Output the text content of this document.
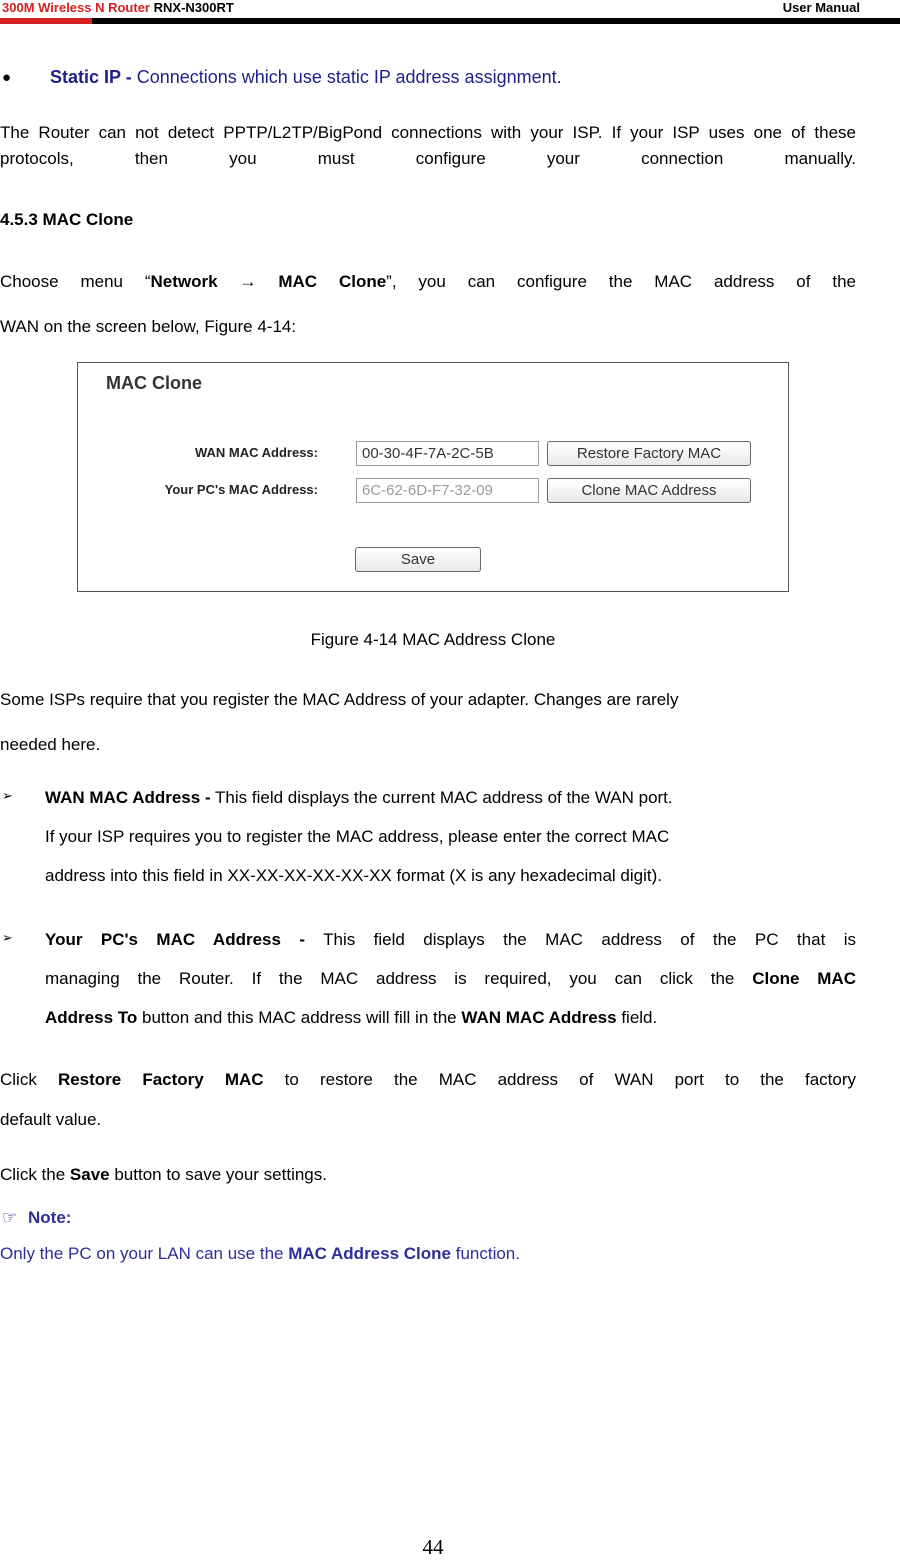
300M Wireless N Router RNX-N300RT	User Manual
● Static IP - Connections which use static IP address assignment.
The Router can not detect PPTP/L2TP/BigPond connections with your ISP. If your ISP uses one of these protocols, then you must configure your connection manually.
4.5.3 MAC Clone
Choose menu “Network → MAC Clone”, you can configure the MAC address of the
WAN on the screen below, Figure 4-14:
MAC Clone
WAN MAC Address:
Your PC's MAC Address:
00-30-4F-7A-2C-5B
6C-62-6D-F7-32-09
Restore Factory MAC
Clone MAC Address
Save
Figure 4-14 MAC Address Clone
Some ISPs require that you register the MAC Address of your adapter. Changes are rarely
needed here.
➢ WAN MAC Address - This field displays the current MAC address of the WAN port.
If your ISP requires you to register the MAC address, please enter the correct MAC
address into this field in XX-XX-XX-XX-XX-XX format (X is any hexadecimal digit).
➢ Your PC's MAC Address - This field displays the MAC address of the PC that is
managing the Router. If the MAC address is required, you can click the Clone MAC
Address To button and this MAC address will fill in the WAN MAC Address field.
Click Restore Factory MAC to restore the MAC address of WAN port to the factory
default value.
Click the Save button to save your settings.
☞ Note:
Only the PC on your LAN can use the MAC Address Clone function.
44
